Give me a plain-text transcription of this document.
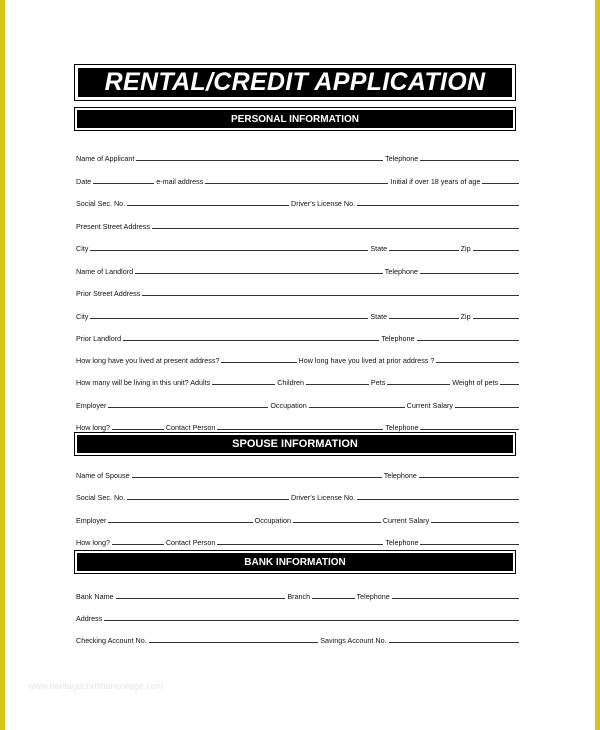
RENTAL/CREDIT APPLICATION
PERSONAL INFORMATION
Name of Applicant	Telephone
Date	e-mail address	Initial if over 18 years of age
Social Sec. No.	Driver's License No.
Present Street Address
City	State	Zip
Name of Landlord	Telephone
Prior Street Address
City	State	Zip
Prior Landlord	Telephone
How long have you lived at present address?	How long have you lived at prior address ?
How many will be living in this unit? Adults	Children	Pets	Weight of pets
Employer	Occupation	Current Salary
How long?	Contact Person	Telephone
SPOUSE INFORMATION
Name of Spouse	Telephone
Social Sec. No.	Driver's License No.
Employer	Occupation	Current Salary
How long?	Contact Person	Telephone
BANK INFORMATION
Bank Name	Branch	Telephone
Address
Checking Account No.	Savings Account No.
www.heritagechristiancollege.com
